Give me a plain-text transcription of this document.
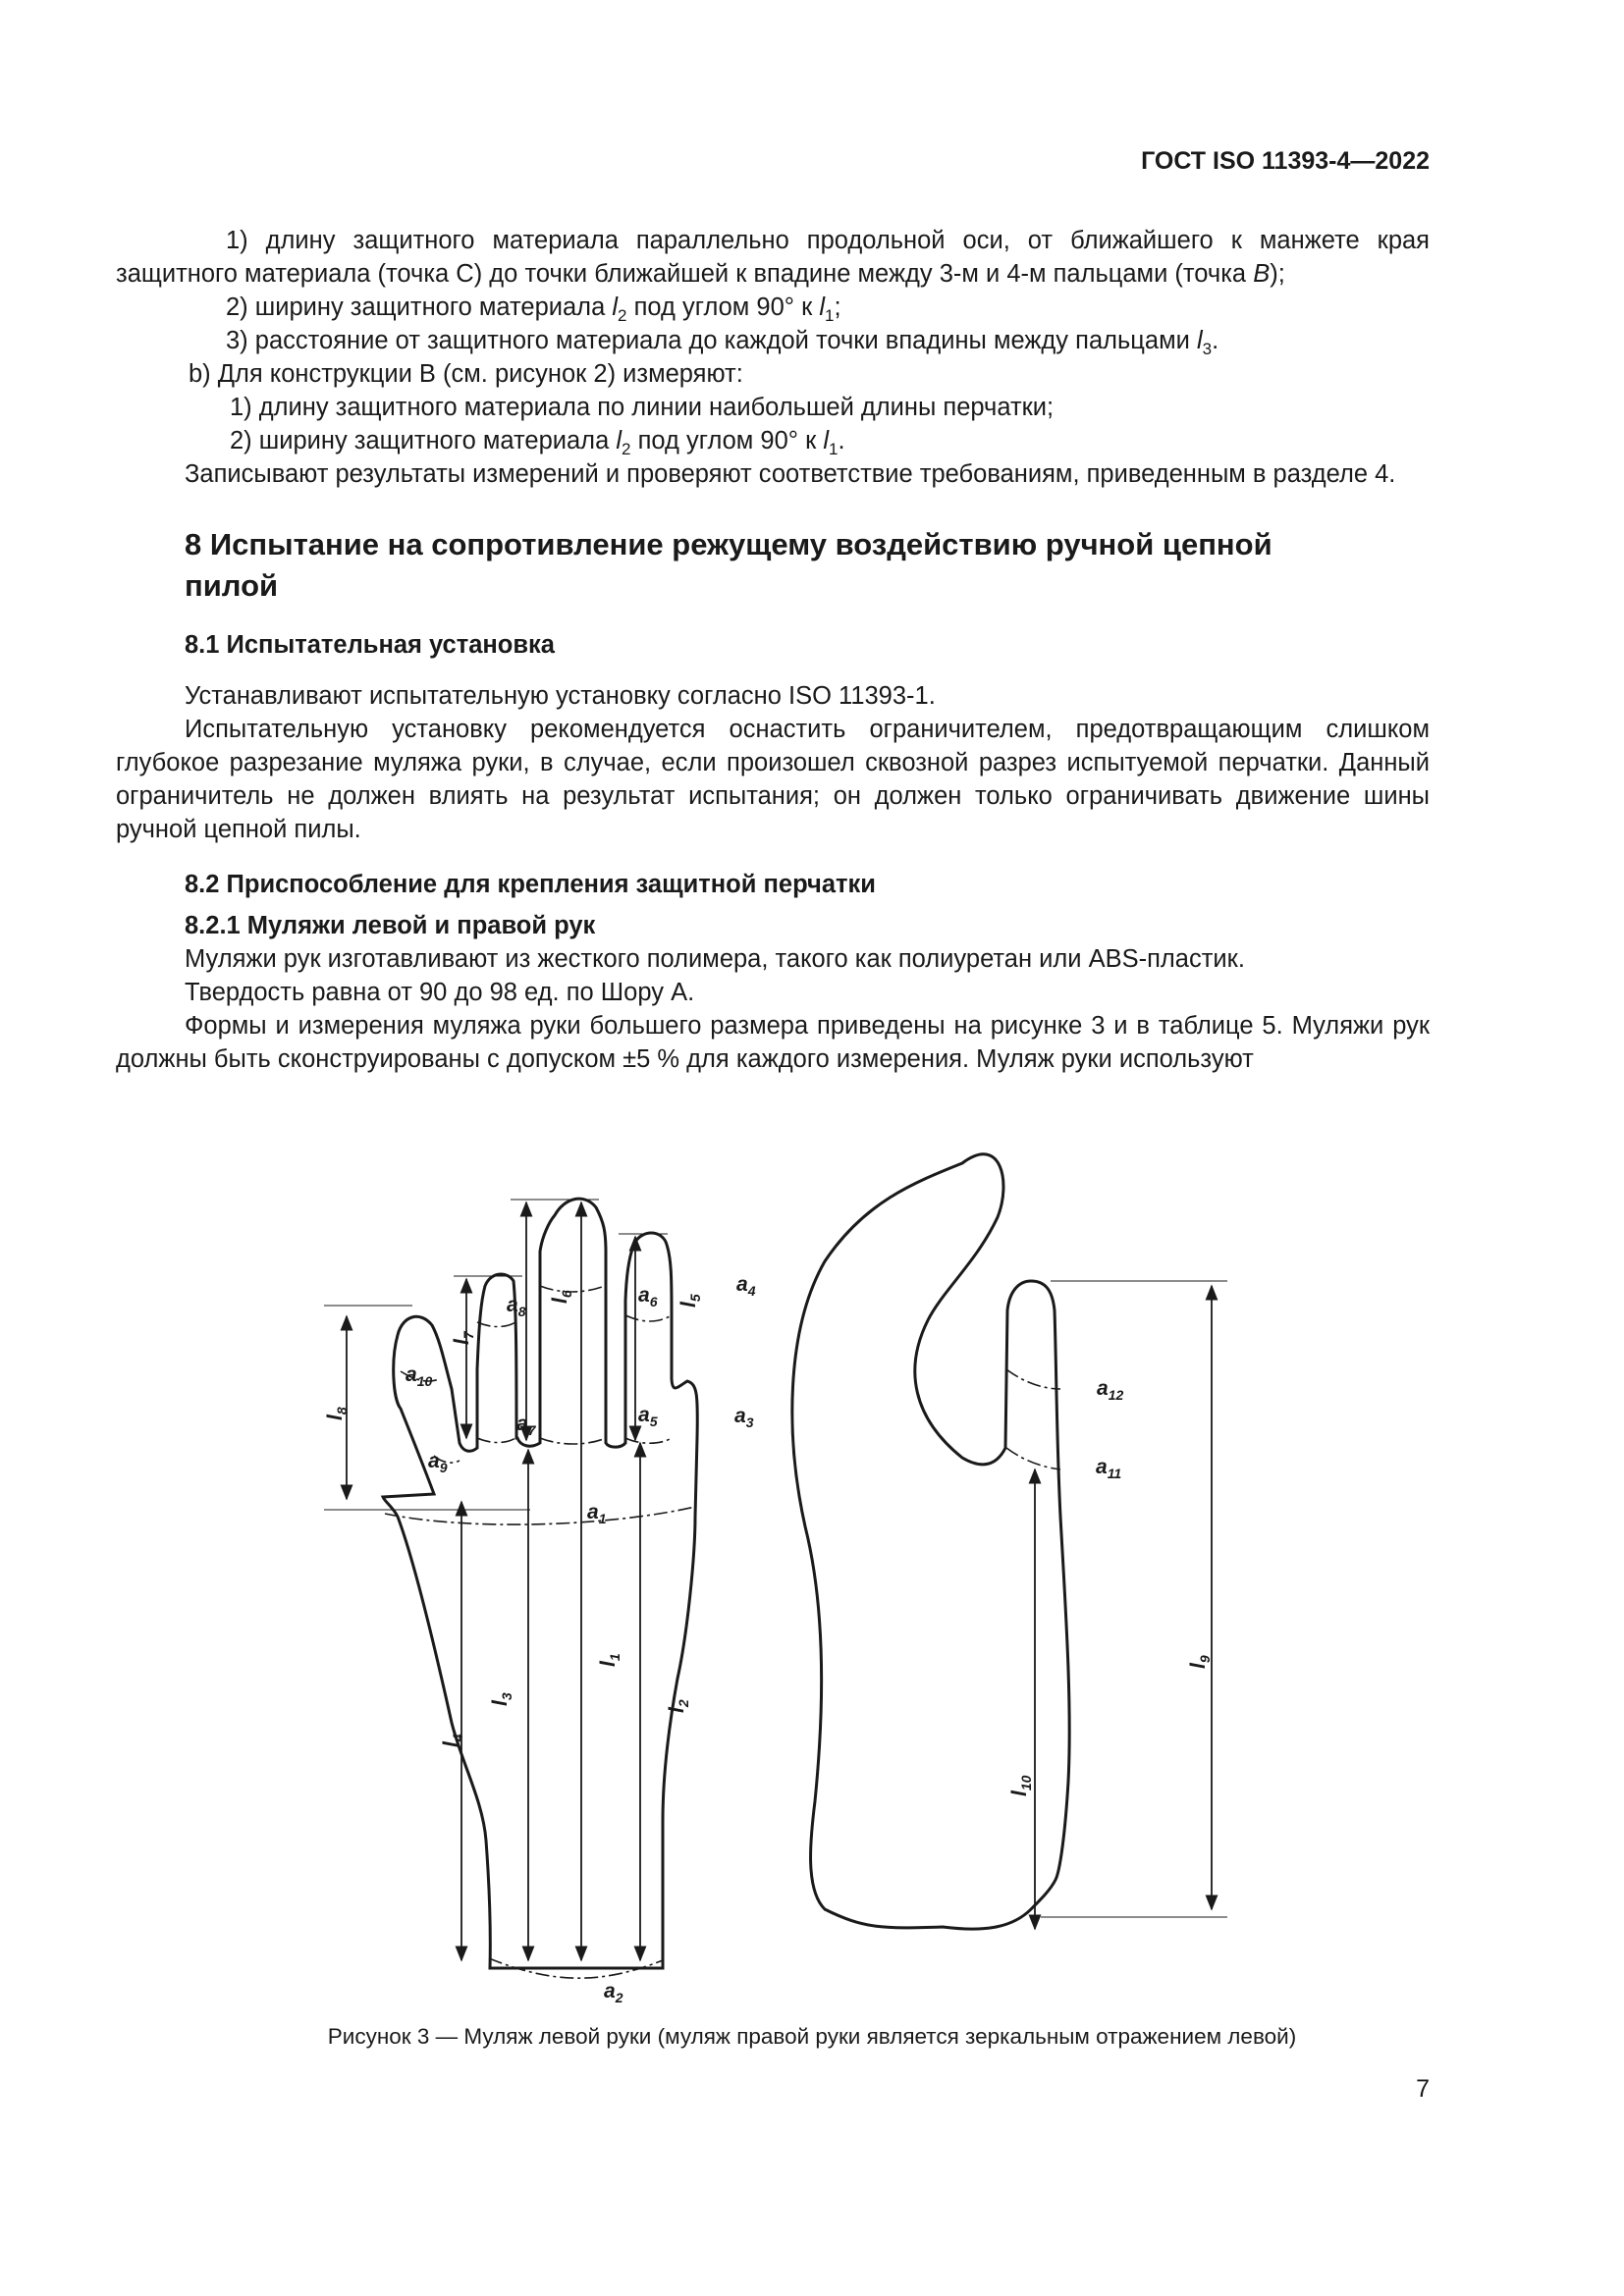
ГОСТ ISO 11393-4—2022

1) длину защитного материала параллельно продольной оси, от ближайшего к манжете края защитного материала (точка С) до точки ближайшей к впадине между 3-м и 4-м пальцами (точка B);

2) ширину защитного материала $l_2$ под углом 90° к $l_1$;

3) расстояние от защитного материала до каждой точки впадины между пальцами $l_3$.

b) Для конструкции В (см. рисунок 2) измеряют:

1) длину защитного материала по линии наибольшей длины перчатки;

2) ширину защитного материала $l_2$ под углом 90° к $l_1$.

Записывают результаты измерений и проверяют соответствие требованиям, приведенным в разделе 4.

8 Испытание на сопротивление режущему воздействию ручной цепной
пилой

8.1 Испытательная установка

Устанавливают испытательную установку согласно ISO 11393-1.

Испытательную установку рекомендуется оснастить ограничителем, предотвращающим слишком глубокое разрезание муляжа руки, в случае, если произошел сквозной разрез испытуемой перчатки. Данный ограничитель не должен влиять на результат испытания; он должен только ограничивать движение шины ручной цепной пилы.

8.2 Приспособление для крепления защитной перчатки

8.2.1 Муляжи левой и правой рук

Муляжи рук изготавливают из жесткого полимера, такого как полиуретан или ABS-пластик.

Твердость равна от 90 до 98 ед. по Шору А.

Формы и измерения муляжа руки большего размера приведены на рисунке 3 и в таблице 5. Муляжи рук должны быть сконструированы с допуском ±5 % для каждого измерения. Муляж руки используют

$a_{10}$
$a_9$
$a_8$
$a_7$
$a_6$
$a_5$
$a_4$
$a_3$
$a_1$
$a_2$
$a_{12}$
$a_{11}$
$l_8$
$l_7$
$l_6$
$l_5$
$l_1$
$l_3$
$l_2$
$l_4$
$l_9$
$l_{10}$
Рисунок 3 — Муляж левой руки (муляж правой руки является зеркальным отражением левой)
7
